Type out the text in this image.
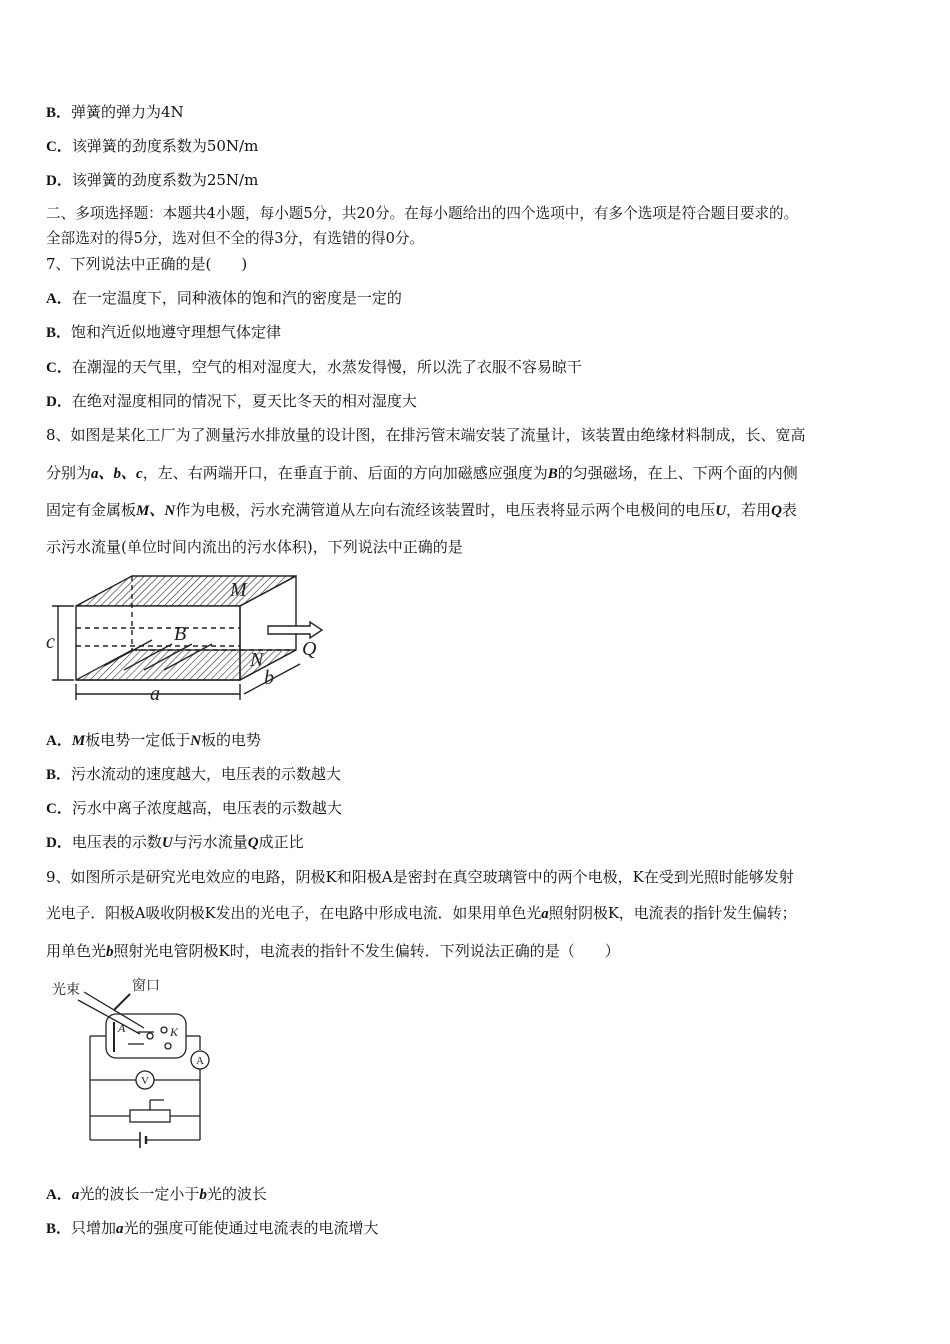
B．弹簧的弹力为4N
C．该弹簧的劲度系数为50N/m
D．该弹簧的劲度系数为25N/m
二、多项选择题：本题共4小题，每小题5分，共20分。在每小题给出的四个选项中，有多个选项是符合题目要求的。
全部选对的得5分，选对但不全的得3分，有选错的得0分。
7、下列说法中正确的是(　　)
A．在一定温度下，同种液体的饱和汽的密度是一定的
B．饱和汽近似地遵守理想气体定律
C．在潮湿的天气里，空气的相对湿度大，水蒸发得慢，所以洗了衣服不容易晾干
D．在绝对湿度相同的情况下，夏天比冬天的相对湿度大
8、如图是某化工厂为了测量污水排放量的设计图，在排污管末端安装了流量计，该装置由绝缘材料制成，长、宽高
分别为a、b、c，左、右两端开口，在垂直于前、后面的方向加磁感应强度为B的匀强磁场，在上、下两个面的内侧
固定有金属板M、N作为电极，污水充满管道从左向右流经该装置时，电压表将显示两个电极间的电压U，若用Q表
示污水流量(单位时间内流出的污水体积)，下列说法中正确的是
M
N
B
Q
a
b
c
A．M板电势一定低于N板的电势
B．污水流动的速度越大，电压表的示数越大
C．污水中离子浓度越高，电压表的示数越大
D．电压表的示数U与污水流量Q成正比
9、如图所示是研究光电效应的电路，阴极K和阳极A是密封在真空玻璃管中的两个电极，K在受到光照时能够发射
光电子．阳极A吸收阴极K发出的光电子，在电路中形成电流．如果用单色光a照射阴极K，电流表的指针发生偏转；
用单色光b照射光电管阴极K时，电流表的指针不发生偏转．下列说法正确的是（　　）
光束	窗口
A	K
A
V
A．a光的波长一定小于b光的波长
B．只增加a光的强度可能使通过电流表的电流增大
